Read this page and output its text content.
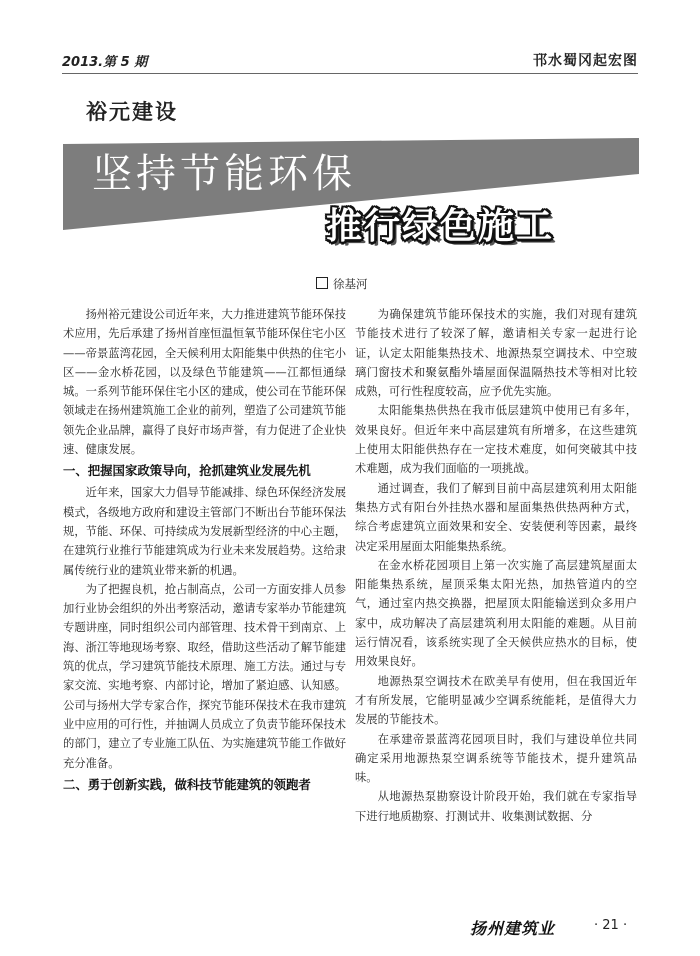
2013.第 5 期	邗水蜀冈起宏图
裕元建设
坚持节能环保
推行绿色施工
徐基河

扬州裕元建设公司近年来，大力推进建筑节能环保技术应用，先后承建了扬州首座恒温恒氧节能环保住宅小区——帝景蓝湾花园，全天候利用太阳能集中供热的住宅小区——金水桥花园，以及绿色节能建筑——江都恒通绿城。一系列节能环保住宅小区的建成，使公司在节能环保领域走在扬州建筑施工企业的前列，塑造了公司建筑节能领先企业品牌，赢得了良好市场声誉，有力促进了企业快速、健康发展。

一、把握国家政策导向，抢抓建筑业发展先机

近年来，国家大力倡导节能减排、绿色环保经济发展模式，各级地方政府和建设主管部门不断出台节能环保法规，节能、环保、可持续成为发展新型经济的中心主题，在建筑行业推行节能建筑成为行业未来发展趋势。这给隶属传统行业的建筑业带来新的机遇。

为了把握良机，抢占制高点，公司一方面安排人员参加行业协会组织的外出考察活动，邀请专家举办节能建筑专题讲座，同时组织公司内部管理、技术骨干到南京、上海、浙江等地现场考察、取经，借助这些活动了解节能建筑的优点，学习建筑节能技术原理、施工方法。通过与专家交流、实地考察、内部讨论，增加了紧迫感、认知感。公司与扬州大学专家合作，探究节能环保技术在我市建筑业中应用的可行性，并抽调人员成立了负责节能环保技术的部门，建立了专业施工队伍、为实施建筑节能工作做好充分准备。

二、勇于创新实践，做科技节能建筑的领跑者

为确保建筑节能环保技术的实施，我们对现有建筑节能技术进行了较深了解，邀请相关专家一起进行论证，认定太阳能集热技术、地源热泵空调技术、中空玻璃门窗技术和聚氨酯外墙屋面保温隔热技术等相对比较成熟，可行性程度较高，应予优先实施。

太阳能集热供热在我市低层建筑中使用已有多年，效果良好。但近年来中高层建筑有所增多，在这些建筑上使用太阳能供热存在一定技术难度，如何突破其中技术难题，成为我们面临的一项挑战。

通过调查，我们了解到目前中高层建筑利用太阳能集热方式有阳台外挂热水器和屋面集热供热两种方式，综合考虑建筑立面效果和安全、安装便利等因素，最终决定采用屋面太阳能集热系统。

在金水桥花园项目上第一次实施了高层建筑屋面太阳能集热系统，屋顶采集太阳光热，加热管道内的空气，通过室内热交换器，把屋顶太阳能输送到众多用户家中，成功解决了高层建筑利用太阳能的难题。从目前运行情况看，该系统实现了全天候供应热水的目标，使用效果良好。

地源热泵空调技术在欧美早有使用，但在我国近年才有所发展，它能明显减少空调系统能耗，是值得大力发展的节能技术。

在承建帝景蓝湾花园项目时，我们与建设单位共同确定采用地源热泵空调系统等节能技术，提升建筑品味。

从地源热泵勘察设计阶段开始，我们就在专家指导下进行地质勘察、打测试井、收集测试数据、分

扬州建筑业	· 21 ·
